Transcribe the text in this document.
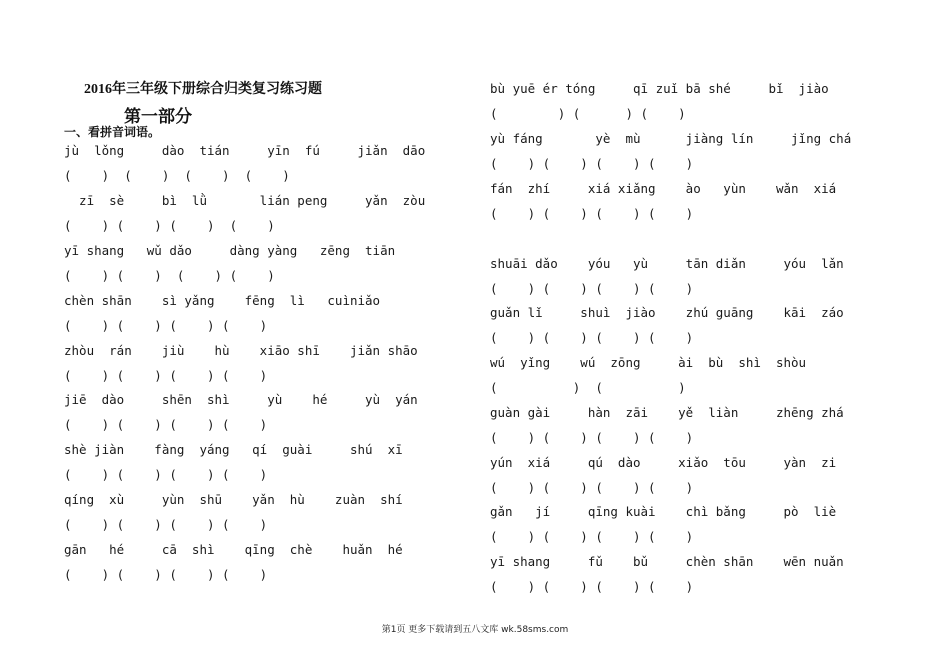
2016年三年级下册综合归类复习练习题
第一部分
一、看拼音词语。
jù  lǒng     dào  tián     yīn  fú     jiǎn  dāo
(    )  (    )  (    )  (    )
zī  sè     bì  lǜ       lián peng     yǎn  zòu
(    ) (    ) (    )  (    )
yī shang   wǔ dǎo     dàng yàng   zēng  tiān
(    ) (    )  (    ) (    )
chèn shān    sì yǎng    fēng  lì   cuìniǎo
(    ) (    ) (    ) (    )
zhòu  rán    jiù    hù    xiāo shī    jiǎn shāo
(    ) (    ) (    ) (    )
jiē  dào     shēn  shì     yù    hé     yù  yán
(    ) (    ) (    ) (    )
shè jiàn    fàng  yáng   qí  guài     shú  xī
(    ) (    ) (    ) (    )
qíng  xù     yùn  shū    yǎn  hù    zuàn  shí
(    ) (    ) (    ) (    )
gān   hé     cā  shì    qīng  chè    huǎn  hé
(    ) (    ) (    ) (    )
bù yuē ér tóng     qī zuǐ bā shé     bǐ  jiào
(        ) (      ) (    )
yù fáng       yè  mù      jiàng lín     jǐng chá
(    ) (    ) (    ) (    )
fán  zhí     xiá xiǎng    ào   yùn    wǎn  xiá
(    ) (    ) (    ) (    )
shuāi dǎo    yóu   yù     tān diǎn     yóu  lǎn
(    ) (    ) (    ) (    )
guǎn lǐ     shuì  jiào    zhú guāng    kāi  záo
(    ) (    ) (    ) (    )
wú  yǐng    wú  zōng     ài  bù  shì  shòu
(          )  (          )
guàn gài     hàn  zāi    yě  liàn     zhēng zhá
(    ) (    ) (    ) (    )
yún  xiá     qú  dào     xiǎo  tōu     yàn  zi
(    ) (    ) (    ) (    )
gǎn   jí     qīng kuài    chì bǎng     pò  liè
(    ) (    ) (    ) (    )
yī shang     fǔ    bǔ     chèn shān    wēn nuǎn
(    ) (    ) (    ) (    )
第1页 更多下载请到五八文库 wk.58sms.com
